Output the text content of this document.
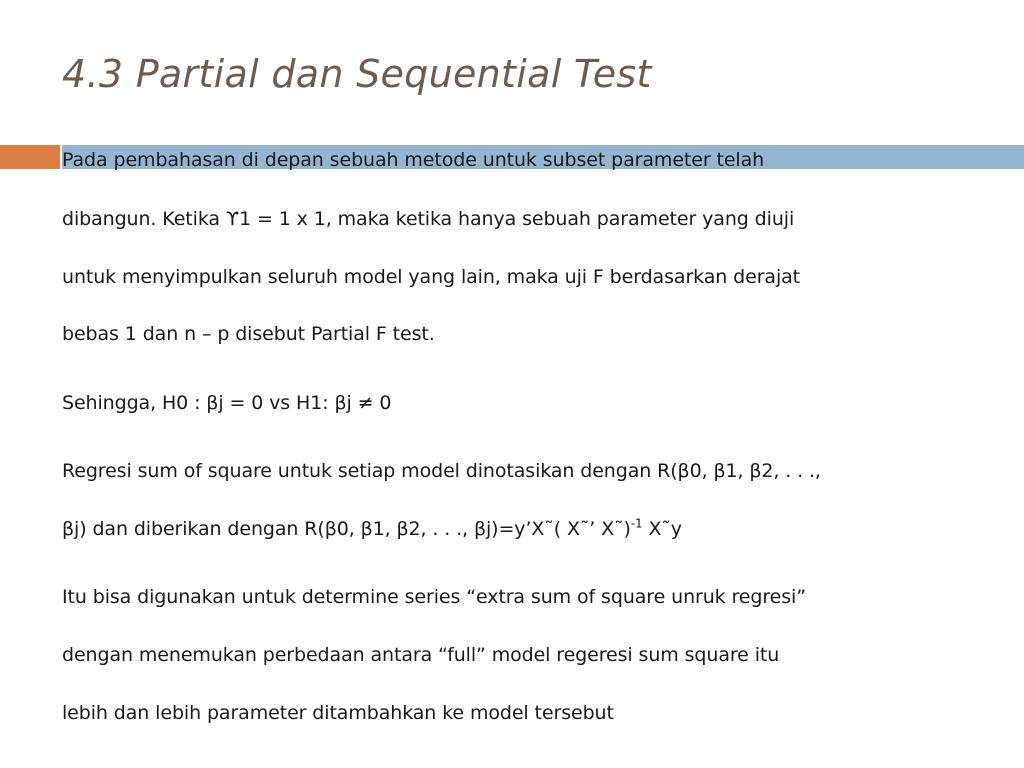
4.3 Partial dan Sequential Test

Pada pembahasan di depan sebuah metode untuk subset parameter telah

dibangun. Ketika ϒ1 = 1 x 1, maka ketika hanya sebuah parameter yang diuji

untuk menyimpulkan seluruh model yang lain, maka uji F berdasarkan derajat

bebas 1 dan n – p disebut Partial F test.

Sehingga, H0 : βj = 0 vs H1: βj ≠ 0

Regresi sum of square untuk setiap model dinotasikan dengan R(β0, β1, β2, . . .,

βj) dan diberikan dengan R(β0, β1, β2, . . ., βj)=y’X˜( X˜’ X˜)$^{-1}$ X˜y

Itu bisa digunakan untuk determine series “extra sum of square unruk regresi”

dengan menemukan perbedaan antara “full” model regeresi sum square itu

lebih dan lebih parameter ditambahkan ke model tersebut
